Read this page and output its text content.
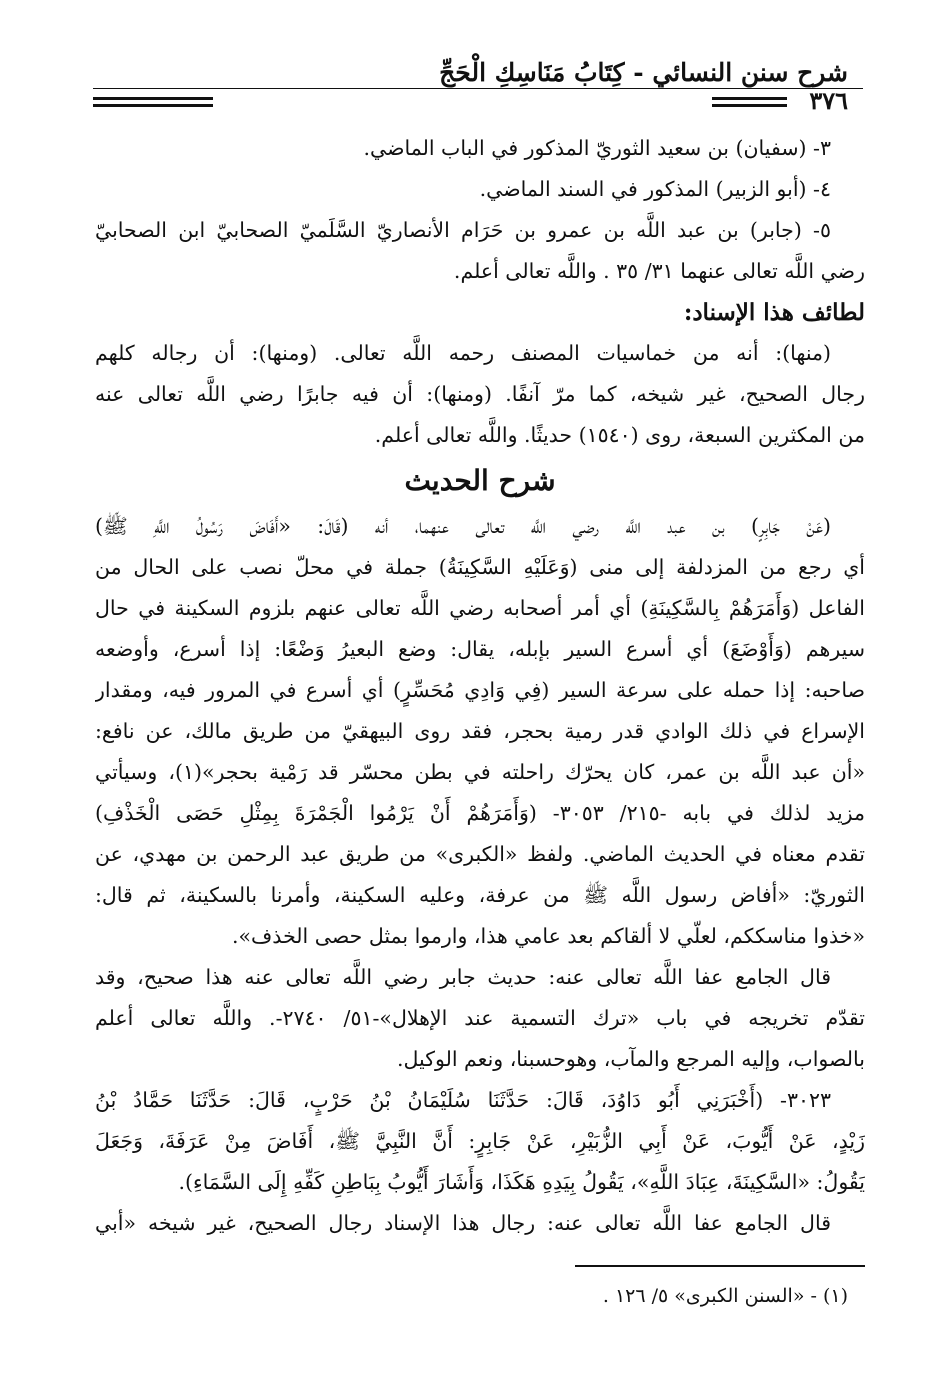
شرح سنن النسائي - كِتَابُ مَنَاسِكِ الْحَجِّ
٣٧٦
٣- (سفيان) بن سعيد الثوريّ المذكور في الباب الماضي.
٤- (أبو الزبير) المذكور في السند الماضي.
٥- (جابر) بن عبد اللَّه بن عمرو بن حَرَام الأنصاريّ السَّلَميّ الصحابيّ ابن الصحابيّ
رضي اللَّه تعالى عنهما ٣١/ ٣٥ . واللَّه تعالى أعلم.
لطائف هذا الإسناد:
(منها): أنه من خماسيات المصنف رحمه اللَّه تعالى. (ومنها): أن رجاله كلهم
رجال الصحيح، غير شيخه، كما مرّ آنفًا. (ومنها): أن فيه جابرًا رضي اللَّه تعالى عنه
من المكثرين السبعة، روى (١٥٤٠) حديثًا. واللَّه تعالى أعلم.
شرح الحديث
(عَنْ جَابِرٍ) بن عبد اللَّه رضي اللَّه تعالى عنهما، أنه (قَالَ: «أَفَاضَ رَسُولُ اللَّهِ ﷺ)
أي رجع من المزدلفة إلى منى (وَعَلَيْهِ السَّكِينَةُ) جملة في محلّ نصب على الحال من
الفاعل (وَأَمَرَهُمْ بِالسَّكِينَةِ) أي أمر أصحابه رضي اللَّه تعالى عنهم بلزوم السكينة في حال
سيرهم (وَأَوْضَعَ) أي أسرع السير بإبله، يقال: وضع البعيرُ وَضْعًا: إذا أسرع، وأوضعه
صاحبه: إذا حمله على سرعة السير (فِي وَادِي مُحَسِّرٍ) أي أسرع في المرور فيه، ومقدار
الإسراع في ذلك الوادي قدر رمية بحجر، فقد روى البيهقيّ من طريق مالك، عن نافع:
«أن عبد اللَّه بن عمر، كان يحرّك راحلته في بطن محسّر قد رَمْية بحجر»(١)، وسيأتي
مزيد لذلك في بابه -٢١٥/ ٣٠٥٣- (وَأَمَرَهُمْ أَنْ يَرْمُوا الْجَمْرَةَ بِمِثْلِ حَصَى الْخَذْفِ)
تقدم معناه في الحديث الماضي. ولفظ «الكبرى» من طريق عبد الرحمن بن مهدي، عن
الثوريّ: «أفاض رسول اللَّه ﷺ من عرفة، وعليه السكينة، وأمرنا بالسكينة، ثم قال:
«خذوا مناسككم، لعلّي لا ألقاكم بعد عامي هذا، وارموا بمثل حصى الخذف».
قال الجامع عفا اللَّه تعالى عنه: حديث جابر رضي اللَّه تعالى عنه هذا صحيح، وقد
تقدّم تخريجه في باب «ترك التسمية عند الإهلال»-٥١/ ٢٧٤٠-. واللَّه تعالى أعلم
بالصواب، وإليه المرجع والمآب، وهوحسبنا، ونعم الوكيل.
٣٠٢٣- (أَخْبَرَنِي أَبُو دَاوُدَ، قَالَ: حَدَّثَنَا سُلَيْمَانُ بْنُ حَرْبٍ، قَالَ: حَدَّثَنَا حَمَّادُ بْنُ
زَيْدٍ، عَنْ أَيُّوبَ، عَنْ أَبِي الزُّبَيْرِ، عَنْ جَابِرٍ: أَنَّ النَّبِيَّ ﷺ، أَفَاضَ مِنْ عَرَفَةَ، وَجَعَلَ
يَقُولُ: «السَّكِينَةَ، عِبَادَ اللَّهِ»، يَقُولُ بِيَدِهِ هَكَذَا، وَأَشَارَ أَيُّوبُ بِبَاطِنِ كَفِّهِ إِلَى السَّمَاءِ).
قال الجامع عفا اللَّه تعالى عنه: رجال هذا الإسناد رجال الصحيح، غير شيخه «أبي
(١) - «السنن الكبرى» ٥/ ١٢٦ .
